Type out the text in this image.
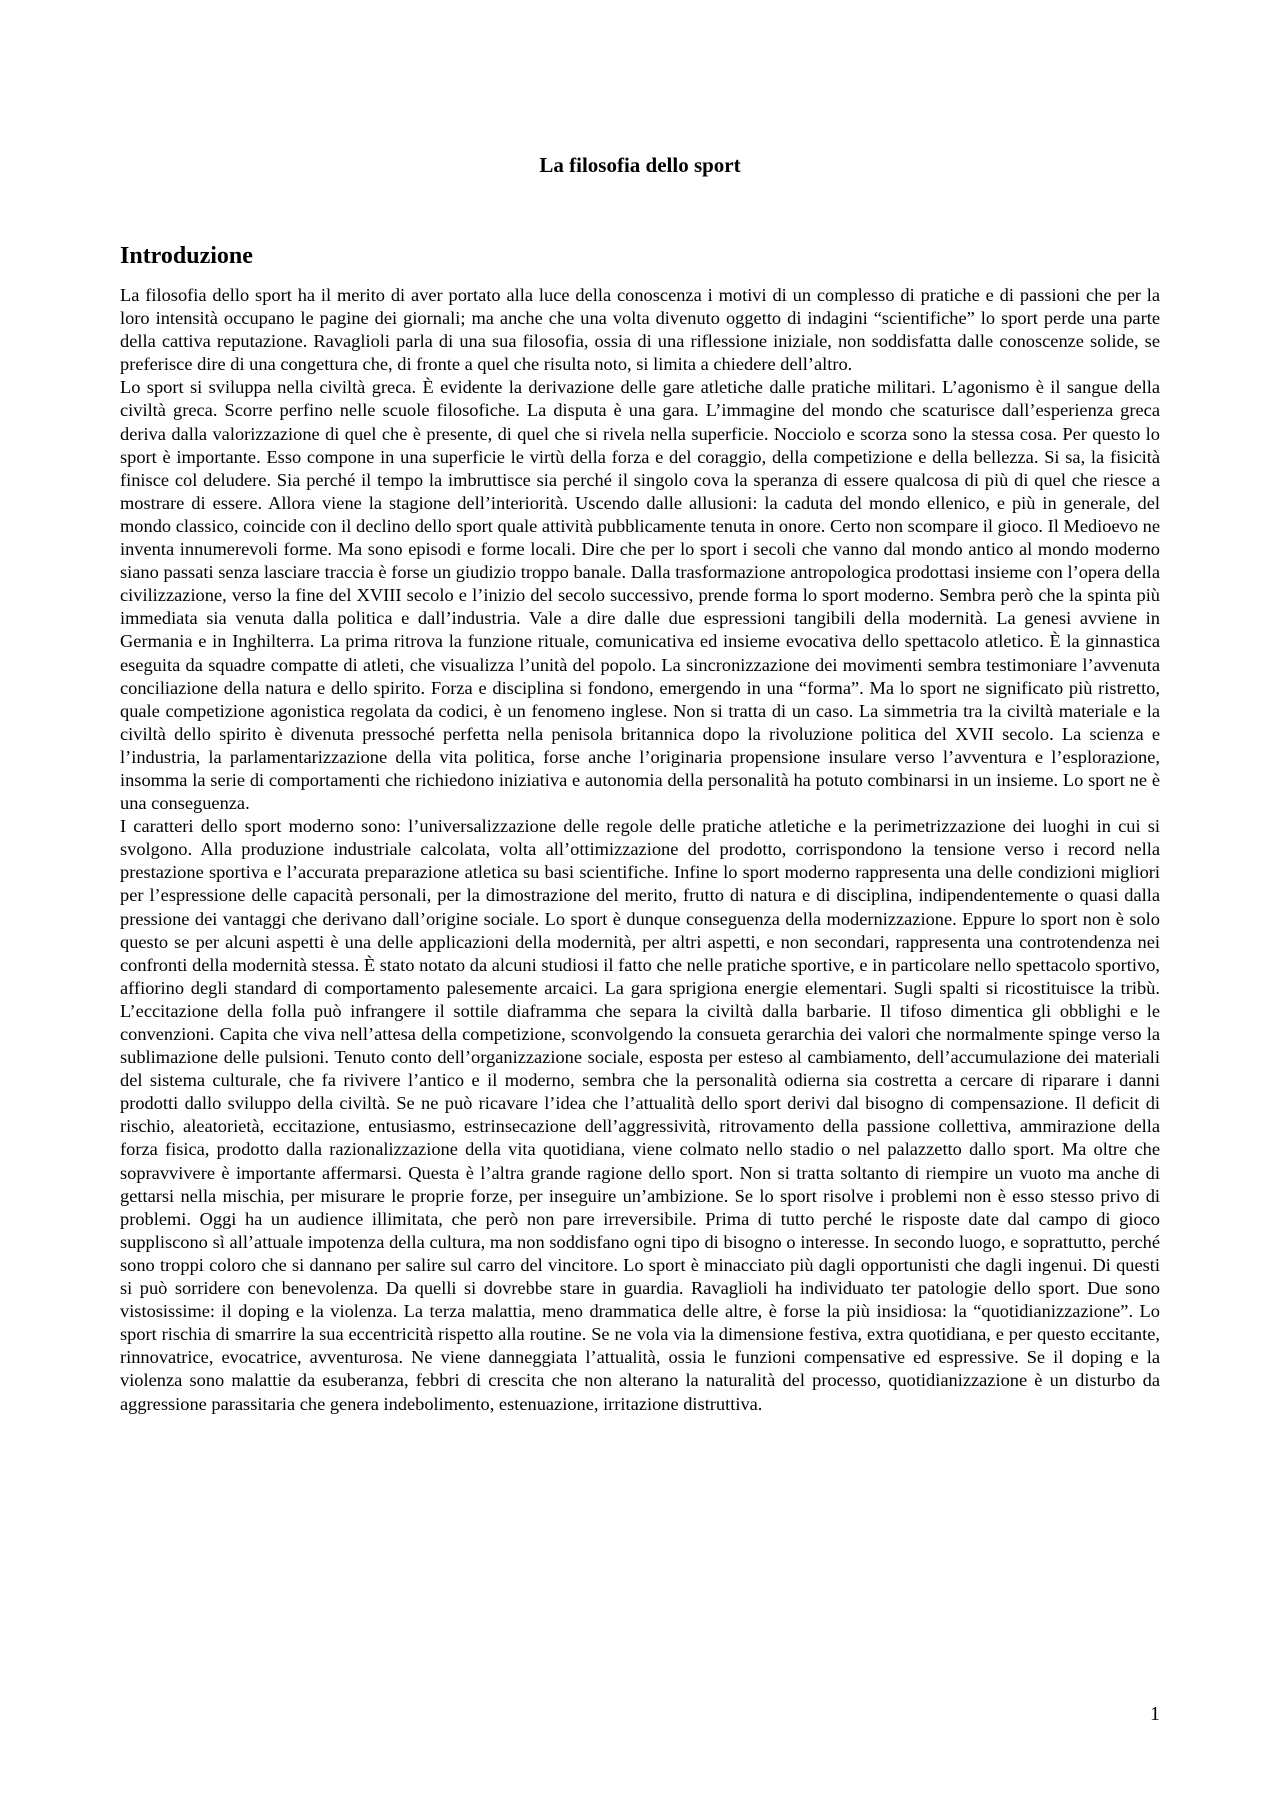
La filosofia dello sport
Introduzione

La filosofia dello sport ha il merito di aver portato alla luce della conoscenza i motivi di un complesso di pratiche e di passioni che per la loro intensità occupano le pagine dei giornali; ma anche che una volta divenuto oggetto di indagini “scientifiche” lo sport perde una parte della cattiva reputazione. Ravaglioli parla di una sua filosofia, ossia di una riflessione iniziale, non soddisfatta dalle conoscenze solide, se preferisce dire di una congettura che, di fronte a quel che risulta noto, si limita a chiedere dell’altro.

Lo sport si sviluppa nella civiltà greca. È evidente la derivazione delle gare atletiche dalle pratiche militari. L’agonismo è il sangue della civiltà greca. Scorre perfino nelle scuole filosofiche. La disputa è una gara. L’immagine del mondo che scaturisce dall’esperienza greca deriva dalla valorizzazione di quel che è presente, di quel che si rivela nella superficie. Nocciolo e scorza sono la stessa cosa. Per questo lo sport è importante. Esso compone in una superficie le virtù della forza e del coraggio, della competizione e della bellezza. Si sa, la fisicità finisce col deludere. Sia perché il tempo la imbruttisce sia perché il singolo cova la speranza di essere qualcosa di più di quel che riesce a mostrare di essere. Allora viene la stagione dell’interiorità. Uscendo dalle allusioni: la caduta del mondo ellenico, e più in generale, del mondo classico, coincide con il declino dello sport quale attività pubblicamente tenuta in onore. Certo non scompare il gioco. Il Medioevo ne inventa innumerevoli forme. Ma sono episodi e forme locali. Dire che per lo sport i secoli che vanno dal mondo antico al mondo moderno siano passati senza lasciare traccia è forse un giudizio troppo banale. Dalla trasformazione antropologica prodottasi insieme con l’opera della civilizzazione, verso la fine del XVIII secolo e l’inizio del secolo successivo, prende forma lo sport moderno. Sembra però che la spinta più immediata sia venuta dalla politica e dall’industria. Vale a dire dalle due espressioni tangibili della modernità. La genesi avviene in Germania e in Inghilterra. La prima ritrova la funzione rituale, comunicativa ed insieme evocativa dello spettacolo atletico. È la ginnastica eseguita da squadre compatte di atleti, che visualizza l’unità del popolo. La sincronizzazione dei movimenti sembra testimoniare l’avvenuta conciliazione della natura e dello spirito. Forza e disciplina si fondono, emergendo in una “forma”. Ma lo sport ne significato più ristretto, quale competizione agonistica regolata da codici, è un fenomeno inglese. Non si tratta di un caso. La simmetria tra la civiltà materiale e la civiltà dello spirito è divenuta pressoché perfetta nella penisola britannica dopo la rivoluzione politica del XVII secolo. La scienza e l’industria, la parlamentarizzazione della vita politica, forse anche l’originaria propensione insulare verso l’avventura e l’esplorazione, insomma la serie di comportamenti che richiedono iniziativa e autonomia della personalità ha potuto combinarsi in un insieme. Lo sport ne è una conseguenza.

I caratteri dello sport moderno sono: l’universalizzazione delle regole delle pratiche atletiche e la perimetrizzazione dei luoghi in cui si svolgono. Alla produzione industriale calcolata, volta all’ottimizzazione del prodotto, corrispondono la tensione verso i record nella prestazione sportiva e l’accurata preparazione atletica su basi scientifiche. Infine lo sport moderno rappresenta una delle condizioni migliori per l’espressione delle capacità personali, per la dimostrazione del merito, frutto di natura e di disciplina, indipendentemente o quasi dalla pressione dei vantaggi che derivano dall’origine sociale. Lo sport è dunque conseguenza della modernizzazione. Eppure lo sport non è solo questo se per alcuni aspetti è una delle applicazioni della modernità, per altri aspetti, e non secondari, rappresenta una controtendenza nei confronti della modernità stessa. È stato notato da alcuni studiosi il fatto che nelle pratiche sportive, e in particolare nello spettacolo sportivo, affiorino degli standard di comportamento palesemente arcaici. La gara sprigiona energie elementari. Sugli spalti si ricostituisce la tribù. L’eccitazione della folla può infrangere il sottile diaframma che separa la civiltà dalla barbarie. Il tifoso dimentica gli obblighi e le convenzioni. Capita che viva nell’attesa della competizione, sconvolgendo la consueta gerarchia dei valori che normalmente spinge verso la sublimazione delle pulsioni. Tenuto conto dell’organizzazione sociale, esposta per esteso al cambiamento, dell’accumulazione dei materiali del sistema culturale, che fa rivivere l’antico e il moderno, sembra che la personalità odierna sia costretta a cercare di riparare i danni prodotti dallo sviluppo della civiltà. Se ne può ricavare l’idea che l’attualità dello sport derivi dal bisogno di compensazione. Il deficit di rischio, aleatorietà, eccitazione, entusiasmo, estrinsecazione dell’aggressività, ritrovamento della passione collettiva, ammirazione della forza fisica, prodotto dalla razionalizzazione della vita quotidiana, viene colmato nello stadio o nel palazzetto dallo sport. Ma oltre che sopravvivere è importante affermarsi. Questa è l’altra grande ragione dello sport. Non si tratta soltanto di riempire un vuoto ma anche di gettarsi nella mischia, per misurare le proprie forze, per inseguire un’ambizione. Se lo sport risolve i problemi non è esso stesso privo di problemi. Oggi ha un audience illimitata, che però non pare irreversibile. Prima di tutto perché le risposte date dal campo di gioco suppliscono sì all’attuale impotenza della cultura, ma non soddisfano ogni tipo di bisogno o interesse. In secondo luogo, e soprattutto, perché sono troppi coloro che si dannano per salire sul carro del vincitore. Lo sport è minacciato più dagli opportunisti che dagli ingenui. Di questi si può sorridere con benevolenza. Da quelli si dovrebbe stare in guardia. Ravaglioli ha individuato ter patologie dello sport. Due sono vistosissime: il doping e la violenza. La terza malattia, meno drammatica delle altre, è forse la più insidiosa: la “quotidianizzazione”. Lo sport rischia di smarrire la sua eccentricità rispetto alla routine. Se ne vola via la dimensione festiva, extra quotidiana, e per questo eccitante, rinnovatrice, evocatrice, avventurosa. Ne viene danneggiata l’attualità, ossia le funzioni compensative ed espressive. Se il doping e la violenza sono malattie da esuberanza, febbri di crescita che non alterano la naturalità del processo, quotidianizzazione è un disturbo da aggressione parassitaria che genera indebolimento, estenuazione, irritazione distruttiva.

1
